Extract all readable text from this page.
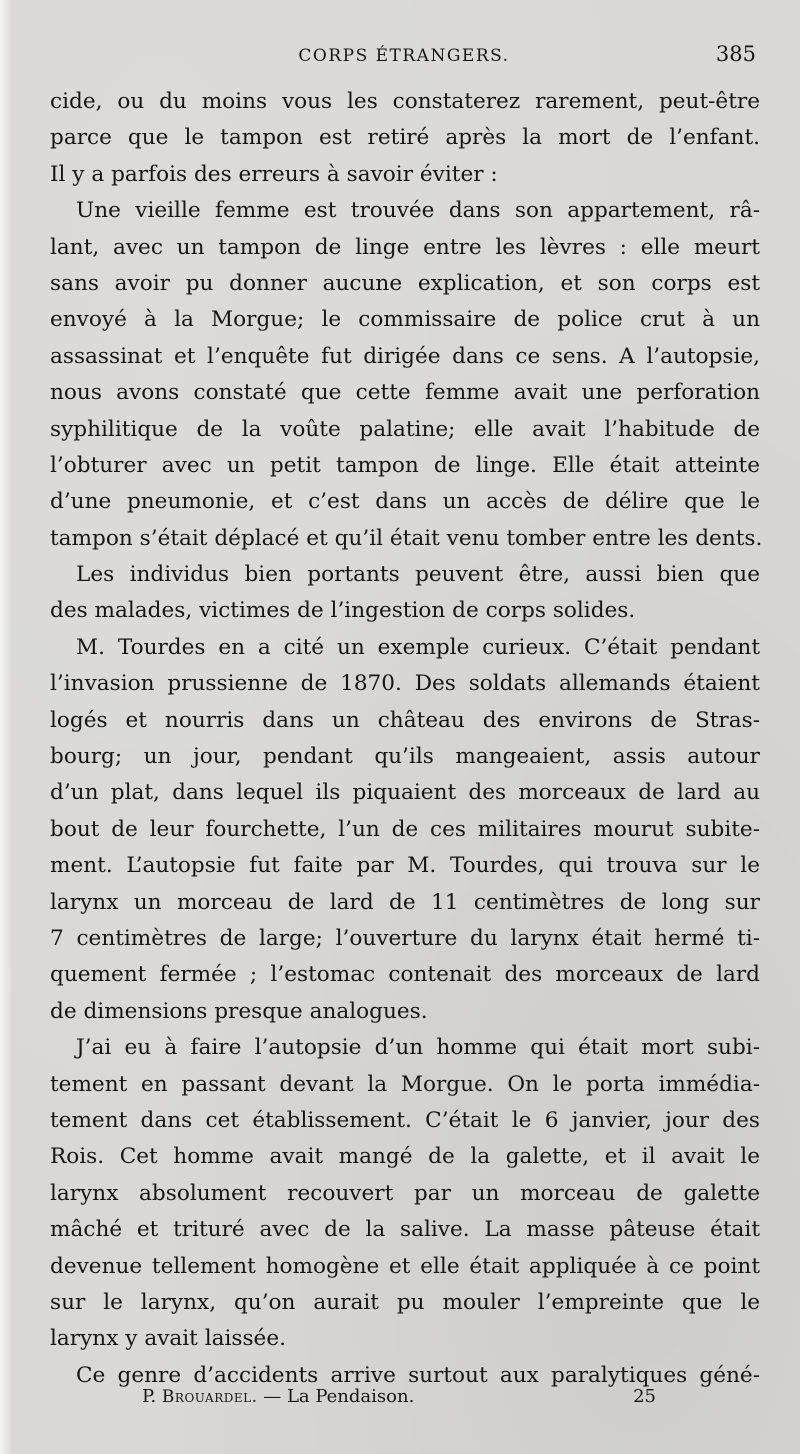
CORPS ÉTRANGERS.	385
cide, ou du moins vous les constaterez rarement, peut-être
parce que le tampon est retiré après la mort de l’enfant.
Il y a parfois des erreurs à savoir éviter :
Une vieille femme est trouvée dans son appartement, râ-
lant, avec un tampon de linge entre les lèvres : elle meurt
sans avoir pu donner aucune explication, et son corps est
envoyé à la Morgue; le commissaire de police crut à un
assassinat et l’enquête fut dirigée dans ce sens. A l’autopsie,
nous avons constaté que cette femme avait une perforation
syphilitique de la voûte palatine; elle avait l’habitude de
l’obturer avec un petit tampon de linge. Elle était atteinte
d’une pneumonie, et c’est dans un accès de délire que le
tampon s’était déplacé et qu’il était venu tomber entre les dents.
Les individus bien portants peuvent être, aussi bien que
des malades, victimes de l’ingestion de corps solides.
M. Tourdes en a cité un exemple curieux. C’était pendant
l’invasion prussienne de 1870. Des soldats allemands étaient
logés et nourris dans un château des environs de Stras-
bourg; un jour, pendant qu’ils mangeaient, assis autour
d’un plat, dans lequel ils piquaient des morceaux de lard au
bout de leur fourchette, l’un de ces militaires mourut subite-
ment. L’autopsie fut faite par M. Tourdes, qui trouva sur le
larynx un morceau de lard de 11 centimètres de long sur
7 centimètres de large; l’ouverture du larynx était hermé ti-
quement fermée ; l’estomac contenait des morceaux de lard
de dimensions presque analogues.
J’ai eu à faire l’autopsie d’un homme qui était mort subi-
tement en passant devant la Morgue. On le porta immédia-
tement dans cet établissement. C’était le 6 janvier, jour des
Rois. Cet homme avait mangé de la galette, et il avait le
larynx absolument recouvert par un morceau de galette
mâché et trituré avec de la salive. La masse pâteuse était
devenue tellement homogène et elle était appliquée à ce point
sur le larynx, qu’on aurait pu mouler l’empreinte que le
larynx y avait laissée.
Ce genre d’accidents arrive surtout aux paralytiques géné-
P. Brouardel. — La Pendaison.	25
